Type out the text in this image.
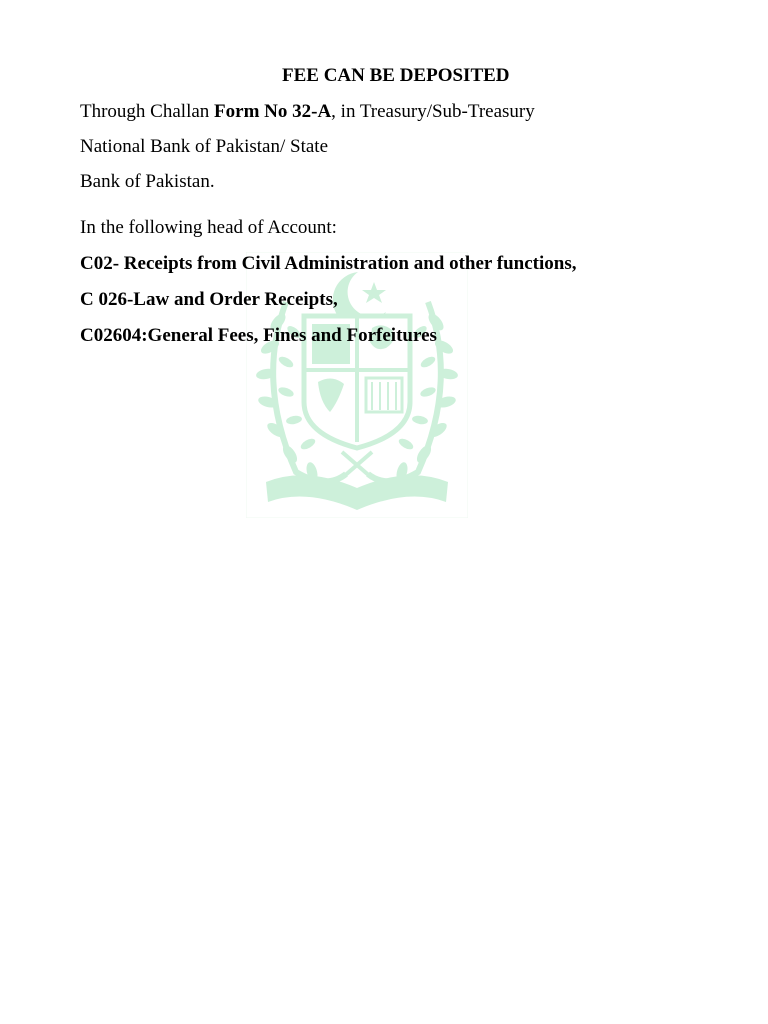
FEE CAN BE DEPOSITED
Through Challan Form No 32-A, in Treasury/Sub-Treasury
National Bank of Pakistan/ State
Bank of Pakistan.
In the following head of Account:
C02- Receipts from Civil Administration and other functions,
C 026-Law and Order Receipts,
C02604:General Fees, Fines and Forfeitures
